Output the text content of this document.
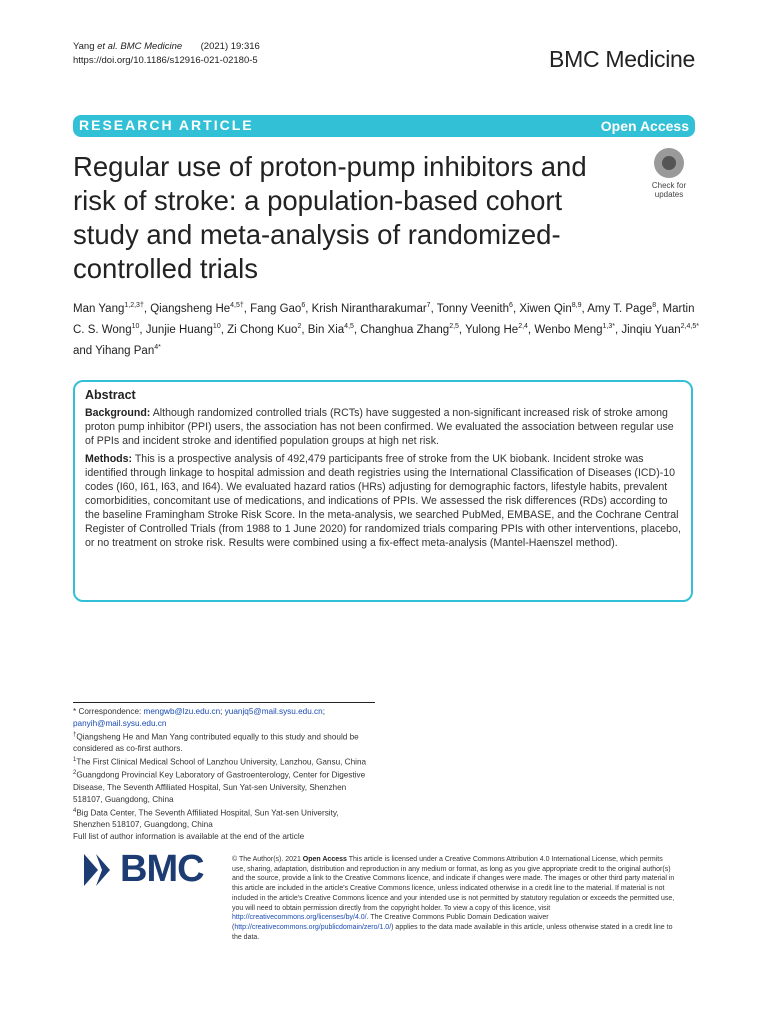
Yang et al. BMC Medicine (2021) 19:316
https://doi.org/10.1186/s12916-021-02180-5	BMC Medicine
RESEARCH ARTICLE	Open Access
Regular use of proton-pump inhibitors and risk of stroke: a population-based cohort study and meta-analysis of randomized-controlled trials
Check for
updates
Man Yang$^{1,2,3\dagger}$, Qiangsheng $He^{4,5\dagger}$, Fang Gao$^6$, Krish Nirantharakumar$^7$, Tonny Veenith$^6$, Xiwen Qin$^{8,9}$, Amy T. Page$^8$, Martin C. S. Wong$^{10}$, Junjie Huang$^{10}$, Zi Chong Kuo$^2$, Bin Xia$^{4,5}$, Changhua Zhang$^{2,5}$, Yulong He$^{2,4}$, Wenbo Meng$^{1,3*}$, Jinqiu Yuan$^{2,4,5*}$ and Yihang Pan$^{4*}$
Abstract

Background: Although randomized controlled trials (RCTs) have suggested a non-significant increased risk of stroke among proton pump inhibitor (PPI) users, the association has not been confirmed. We evaluated the association between regular use of PPIs and incident stroke and identified population groups at high net risk.

Methods: This is a prospective analysis of 492,479 participants free of stroke from the UK biobank. Incident stroke was identified through linkage to hospital admission and death registries using the International Classification of Diseases (ICD)-10 codes (I60, I61, I63, and I64). We evaluated hazard ratios (HRs) adjusting for demographic factors, lifestyle habits, prevalent comorbidities, concomitant use of medications, and indications of PPIs. We assessed the risk differences (RDs) according to the baseline Framingham Stroke Risk Score. In the meta-analysis, we searched PubMed, EMBASE, and the Cochrane Central Register of Controlled Trials (from 1988 to 1 June 2020) for randomized trials comparing PPIs with other interventions, placebo, or no treatment on stroke risk. Results were combined using a fix-effect meta-analysis (Mantel-Haenszel method).

* Correspondence: mengwb@lzu.edu.cn; yuanjq5@mail.sysu.edu.cn;
panyih@mail.sysu.edu.cn

†Qiangsheng He and Man Yang contributed equally to this study and should be considered as co-first authors.

$^1$The First Clinical Medical School of Lanzhou University, Lanzhou, Gansu, China

$^2$Guangdong Provincial Key Laboratory of Gastroenterology, Center for Digestive Disease, The Seventh Affiliated Hospital, Sun Yat-sen University, Shenzhen 518107, Guangdong, China

$^4$Big Data Center, The Seventh Affiliated Hospital, Sun Yat-sen University, Shenzhen 518107, Guangdong, China

Full list of author information is available at the end of the article

BMC	© The Author(s). 2021 Open Access This article is licensed under a Creative Commons Attribution 4.0 International License, which permits use, sharing, adaptation, distribution and reproduction in any medium or format, as long as you give appropriate credit to the original author(s) and the source, provide a link to the Creative Commons licence, and indicate if changes were made. The images or other third party material in this article are included in the article's Creative Commons licence, unless indicated otherwise in a credit line to the material. If material is not included in the article's Creative Commons licence and your intended use is not permitted by statutory regulation or exceeds the permitted use, you will need to obtain permission directly from the copyright holder. To view a copy of this licence, visit http://creativecommons.org/licenses/by/4.0/. The Creative Commons Public Domain Dedication waiver (http://creativecommons.org/publicdomain/zero/1.0/) applies to the data made available in this article, unless otherwise stated in a credit line to the data.
